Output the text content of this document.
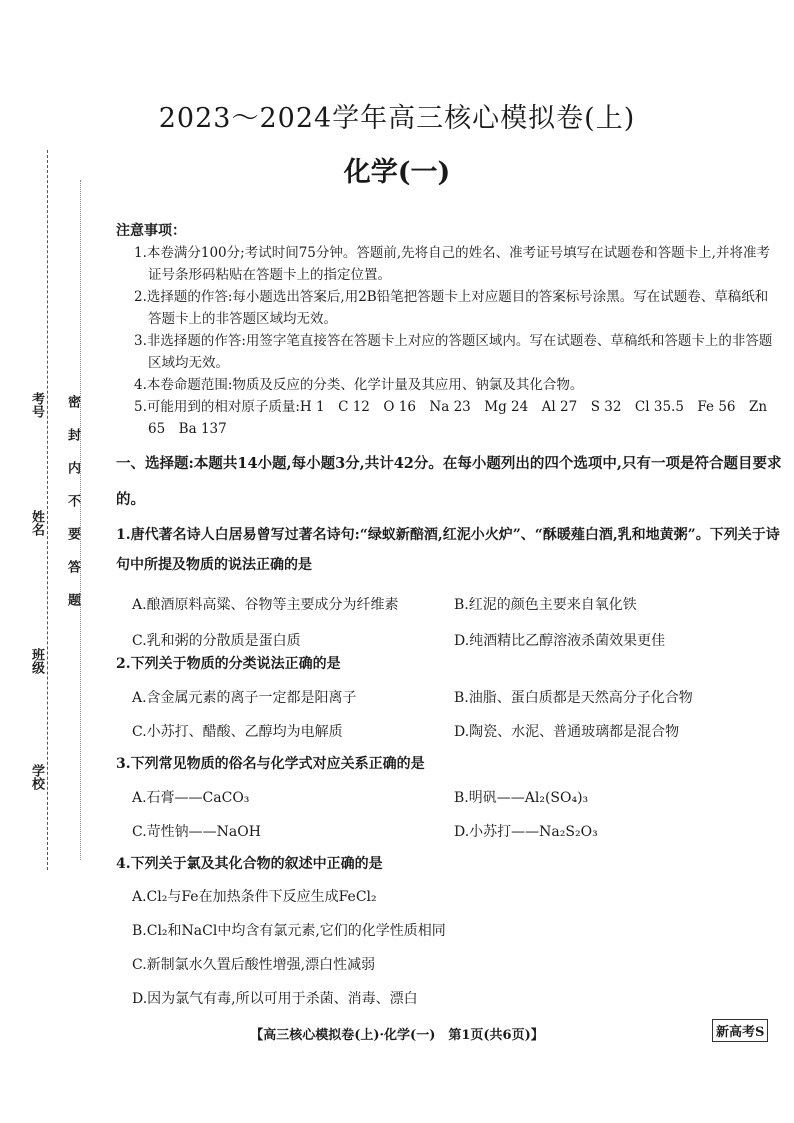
考号
姓名
班级
学校
密封内不要答题
2023～2024学年高三核心模拟卷(上)
化学(一)
注意事项：
1.本卷满分100分;考试时间75分钟。答题前,先将自己的姓名、准考证号填写在试题卷和答题卡上,并将准考证号条形码粘贴在答题卡上的指定位置。
2.选择题的作答:每小题选出答案后,用2B铅笔把答题卡上对应题目的答案标号涂黑。写在试题卷、草稿纸和答题卡上的非答题区域均无效。
3.非选择题的作答:用签字笔直接答在答题卡上对应的答题区域内。写在试题卷、草稿纸和答题卡上的非答题区域均无效。
4.本卷命题范围:物质及反应的分类、化学计量及其应用、钠氯及其化合物。
5.可能用到的相对原子质量:H 1　C 12　O 16　Na 23　Mg 24　Al 27　S 32　Cl 35.5　Fe 56　Zn 65　Ba 137
一、选择题:本题共14小题,每小题3分,共计42分。在每小题列出的四个选项中,只有一项是符合题目要求的。
1.唐代著名诗人白居易曾写过著名诗句:“绿蚁新醅酒,红泥小火炉”、“酥暖薤白酒,乳和地黄粥”。下列关于诗句中所提及物质的说法正确的是
A.酿酒原料高粱、谷物等主要成分为纤维素	B.红泥的颜色主要来自氧化铁
C.乳和粥的分散质是蛋白质	D.纯酒精比乙醇溶液杀菌效果更佳
2.下列关于物质的分类说法正确的是
A.含金属元素的离子一定都是阳离子	B.油脂、蛋白质都是天然高分子化合物
C.小苏打、醋酸、乙醇均为电解质	D.陶瓷、水泥、普通玻璃都是混合物
3.下列常见物质的俗名与化学式对应关系正确的是
A.石膏——CaCO₃	B.明矾——Al₂(SO₄)₃
C.苛性钠——NaOH	D.小苏打——Na₂S₂O₃
4.下列关于氯及其化合物的叙述中正确的是
A.Cl₂与Fe在加热条件下反应生成FeCl₂
B.Cl₂和NaCl中均含有氯元素,它们的化学性质相同
C.新制氯水久置后酸性增强,漂白性减弱
D.因为氯气有毒,所以可用于杀菌、消毒、漂白
【高三核心模拟卷(上)·化学(一)　第1页(共6页)】	新高考S
